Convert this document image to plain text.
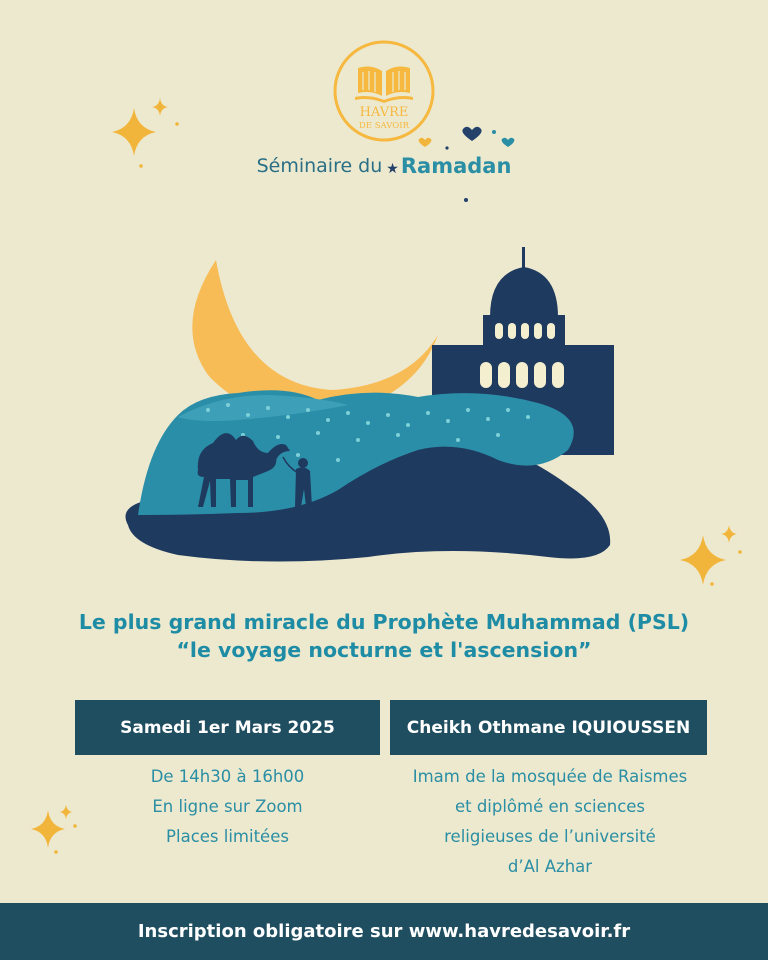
HAVRE
DE SAVOIR
Séminaire du ★Ramadan
Le plus grand miracle du Prophète Muhammad (PSL)
“le voyage nocturne et l'ascension”
Samedi 1er Mars 2025	Cheikh Othmane IQUIOUSSEN
De 14h30 à 16h00
En ligne sur Zoom
Places limitées
Imam de la mosquée de Raismes
et diplômé en sciences
religieuses de l’université
d’Al Azhar
Inscription obligatoire sur www.havredesavoir.fr
